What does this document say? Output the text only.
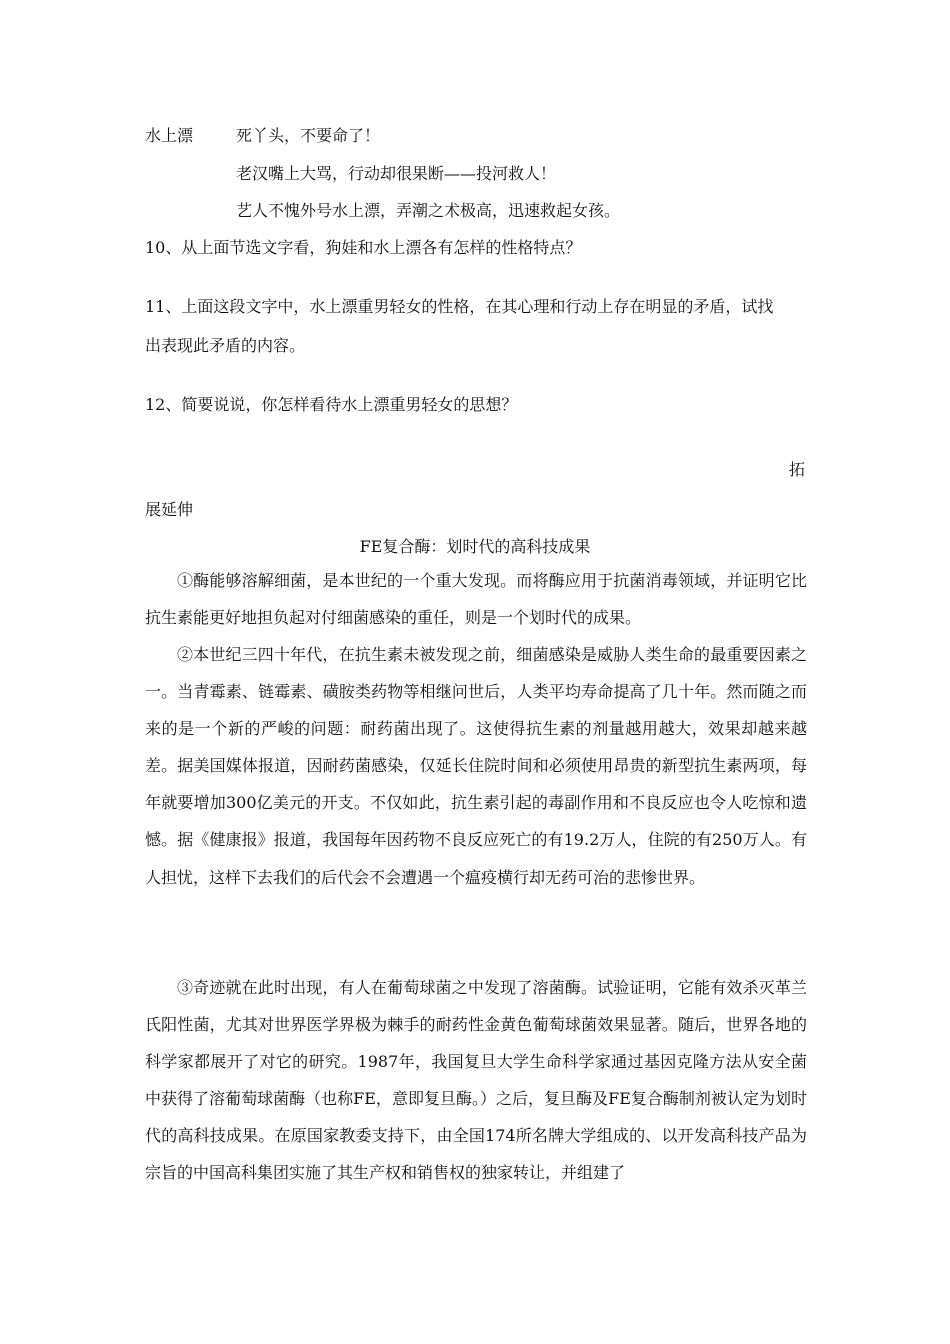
水上漂	死丫头，不要命了！
老汉嘴上大骂，行动却很果断——投河救人！
艺人不愧外号水上漂，弄潮之术极高，迅速救起女孩。
10、从上面节选文字看，狗娃和水上漂各有怎样的性格特点？
11、上面这段文字中，水上漂重男轻女的性格，在其心理和行动上存在明显的矛盾，试找
出表现此矛盾的内容。
12、简要说说，你怎样看待水上漂重男轻女的思想？
拓
展延伸
FE复合酶：划时代的高科技成果

①酶能够溶解细菌，是本世纪的一个重大发现。而将酶应用于抗菌消毒领域，并证明它比抗生素能更好地担负起对付细菌感染的重任，则是一个划时代的成果。

②本世纪三四十年代，在抗生素未被发现之前，细菌感染是威胁人类生命的最重要因素之一。当青霉素、链霉素、磺胺类药物等相继问世后，人类平均寿命提高了几十年。然而随之而来的是一个新的严峻的问题：耐药菌出现了。这使得抗生素的剂量越用越大，效果却越来越差。据美国媒体报道，因耐药菌感染，仅延长住院时间和必须使用昂贵的新型抗生素两项，每年就要增加300亿美元的开支。不仅如此，抗生素引起的毒副作用和不良反应也令人吃惊和遗憾。据《健康报》报道，我国每年因药物不良反应死亡的有19.2万人，住院的有250万人。有人担忧，这样下去我们的后代会不会遭遇一个瘟疫横行却无药可治的悲惨世界。

③奇迹就在此时出现，有人在葡萄球菌之中发现了溶菌酶。试验证明，它能有效杀灭革兰氏阳性菌，尤其对世界医学界极为棘手的耐药性金黄色葡萄球菌效果显著。随后，世界各地的科学家都展开了对它的研究。1987年，我国复旦大学生命科学家通过基因克隆方法从安全菌中获得了溶葡萄球菌酶（也称FE，意即复旦酶。）之后，复旦酶及FE复合酶制剂被认定为划时代的高科技成果。在原国家教委支持下，由全国174所名牌大学组成的、以开发高科技产品为宗旨的中国高科集团实施了其生产权和销售权的独家转让，并组建了
